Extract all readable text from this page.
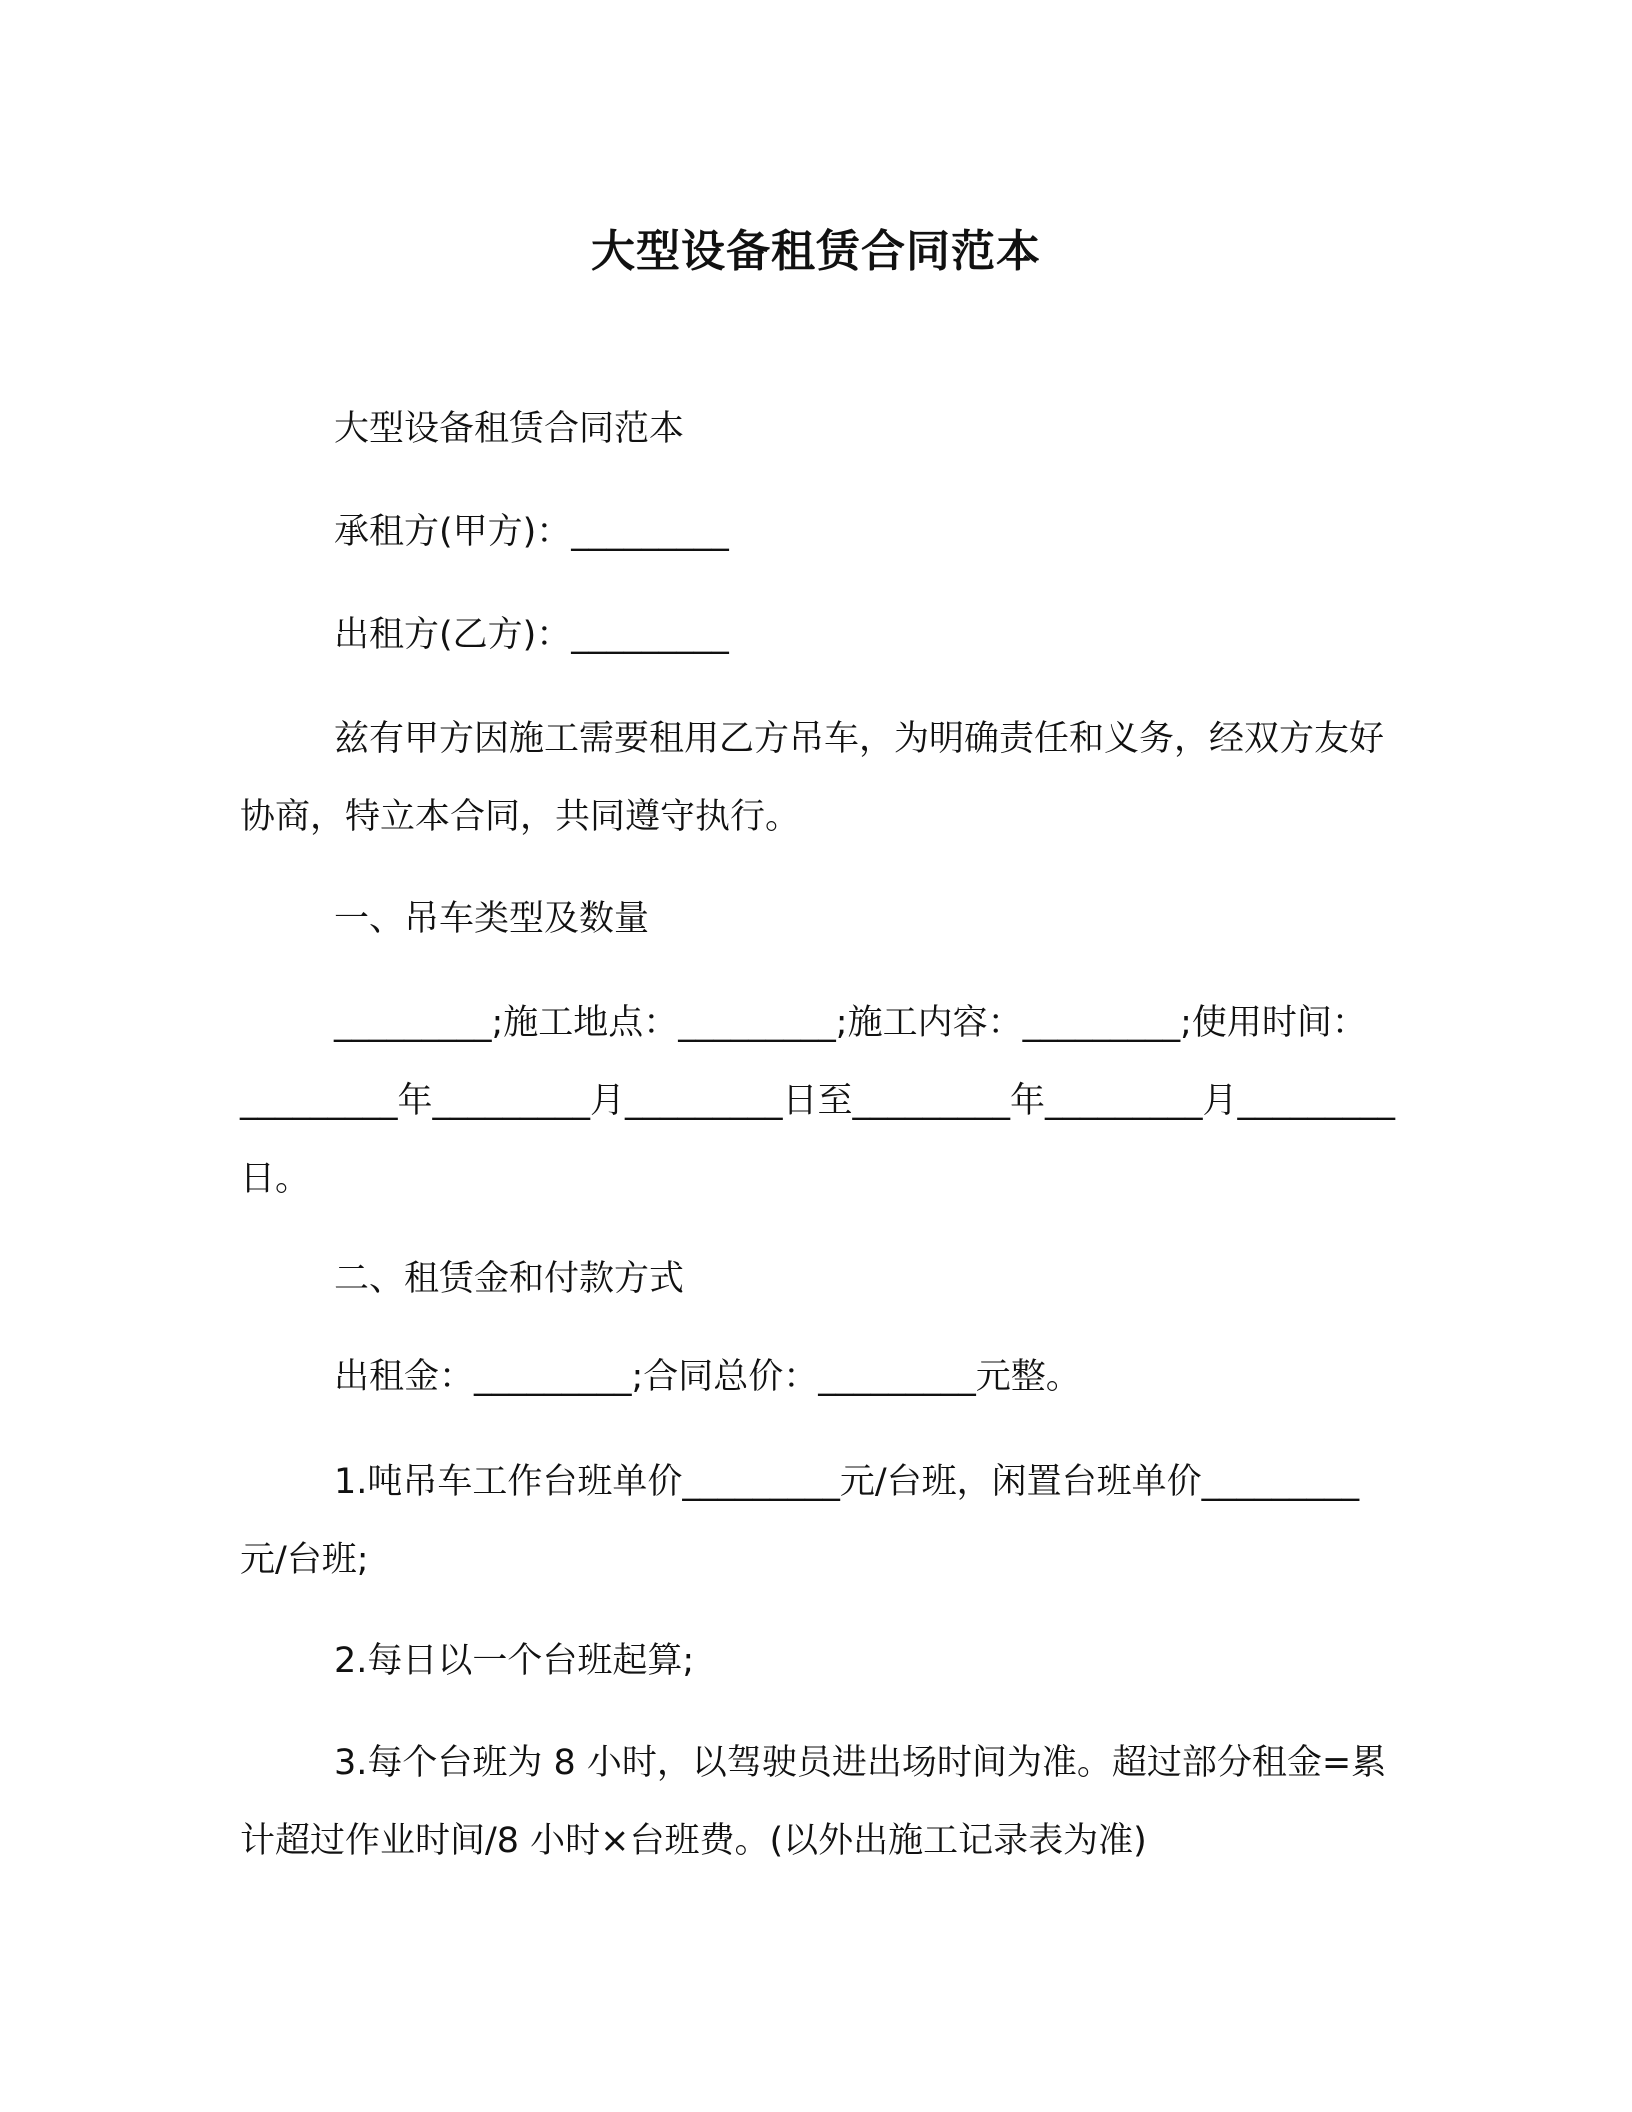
大型设备租赁合同范本

大型设备租赁合同范本

承租方(甲方)：_________

出租方(乙方)：_________

兹有甲方因施工需要租用乙方吊车，为明确责任和义务，经双方友好协商，特立本合同，共同遵守执行。

一、吊车类型及数量

_________;施工地点：_________;施工内容：_________;使用时间：_________年_________月_________日至_________年_________月_________日。

二、租赁金和付款方式

出租金：_________;合同总价：_________元整。

1.吨吊车工作台班单价_________元/台班，闲置台班单价_________元/台班;

2.每日以一个台班起算;

3.每个台班为 8 小时，以驾驶员进出场时间为准。超过部分租金=累计超过作业时间/8 小时×台班费。(以外出施工记录表为准)
